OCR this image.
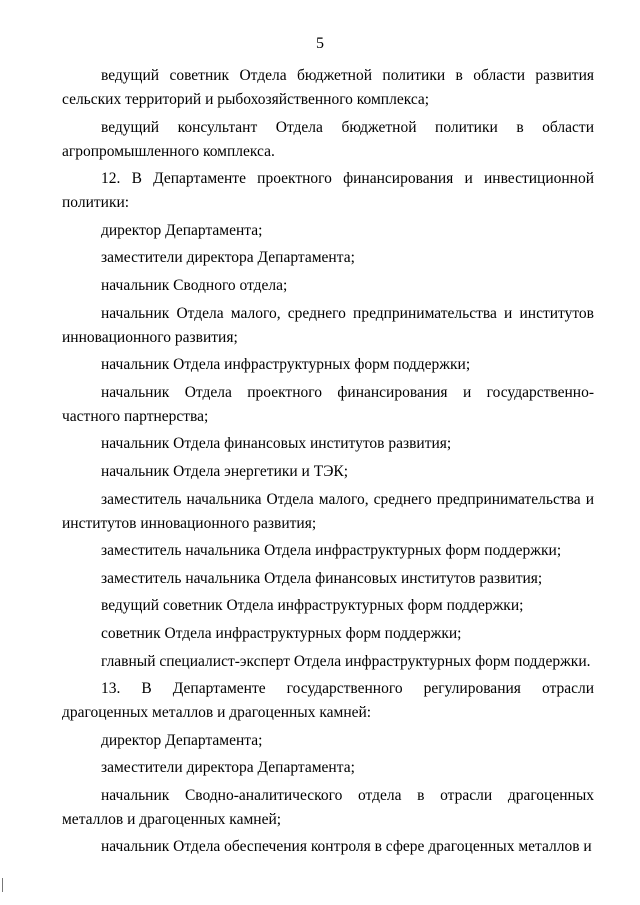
5

ведущий советник Отдела бюджетной политики в области развития сельских территорий и рыбохозяйственного комплекса;

ведущий консультант Отдела бюджетной политики в области агропромышленного комплекса.

12. В Департаменте проектного финансирования и инвестиционной политики:

директор Департамента;

заместители директора Департамента;

начальник Сводного отдела;

начальник Отдела малого, среднего предпринимательства и институтов инновационного развития;

начальник Отдела инфраструктурных форм поддержки;

начальник Отдела проектного финансирования и государственно-частного партнерства;

начальник Отдела финансовых институтов развития;

начальник Отдела энергетики и ТЭК;

заместитель начальника Отдела малого, среднего предпринимательства и институтов инновационного развития;

заместитель начальника Отдела инфраструктурных форм поддержки;

заместитель начальника Отдела финансовых институтов развития;

ведущий советник Отдела инфраструктурных форм поддержки;

советник Отдела инфраструктурных форм поддержки;

главный специалист-эксперт Отдела инфраструктурных форм поддержки.

13. В Департаменте государственного регулирования отрасли драгоценных металлов и драгоценных камней:

директор Департамента;

заместители директора Департамента;

начальник Сводно-аналитического отдела в отрасли драгоценных металлов и драгоценных камней;

начальник Отдела обеспечения контроля в сфере драгоценных металлов и
